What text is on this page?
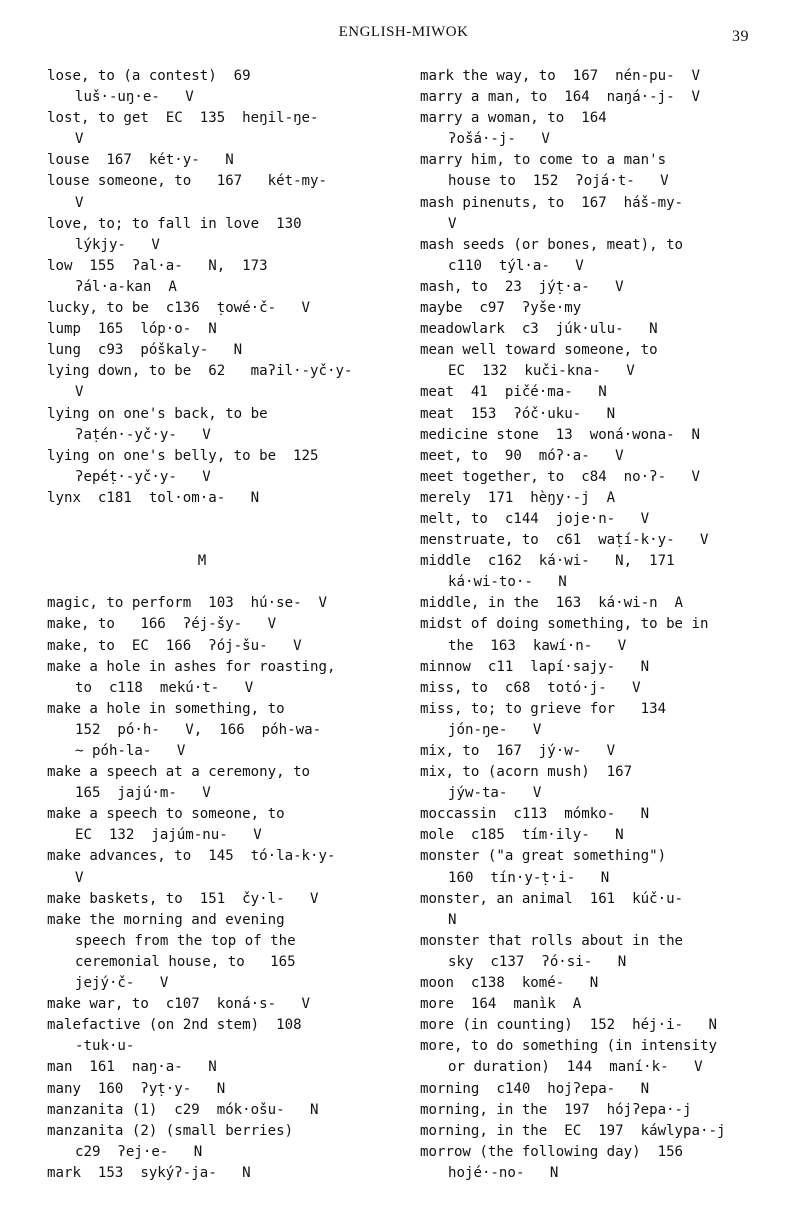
ENGLISH-MIWOK	39
lose, to (a contest)  69
luš·-uŋ·e-   V
lost, to get  EC  135  heŋil-ŋe-
V
louse  167  két·y-   N
louse someone, to   167   két-my-
V
love, to; to fall in love  130
lýkjy-   V
low  155  ʔal·a-   N,  173
ʔál·a-kan  A
lucky, to be  c136  ṭowé·č-   V
lump  165  lóp·o-  N
lung  c93  póškaly-   N
lying down, to be  62   maʔil·-yč·y-
V
lying on one's back, to be
ʔaṭén·-yč·y-   V
lying on one's belly, to be  125
ʔepéṭ·-yč·y-   V
lynx  c181  tol·om·a-   N
M
magic, to perform  103  hú·se-  V
make, to   166  ʔéj-šy-   V
make, to  EC  166  ʔój-šu-   V
make a hole in ashes for roasting,
to  c118  mekú·t-   V
make a hole in something, to
152  pó·h-   V,  166  póh-wa-
~ póh-la-   V
make a speech at a ceremony, to
165  jajú·m-   V
make a speech to someone, to
EC  132  jajúm-nu-   V
make advances, to  145  tó·la-k·y-
V
make baskets, to  151  čy·l-   V
make the morning and evening
speech from the top of the
ceremonial house, to   165
jejý·č-   V
make war, to  c107  koná·s-   V
malefactive (on 2nd stem)  108
-tuk·u-
man  161  naŋ·a-   N
many  160  ʔyṭ·y-   N
manzanita (1)  c29  mók·ošu-   N
manzanita (2) (small berries)
c29  ʔej·e-   N
mark  153  sykýʔ-ja-   N
mark the way, to  167  nén-pu-  V
marry a man, to  164  naŋá·-j-  V
marry a woman, to  164
ʔošá·-j-   V
marry him, to come to a man's
house to  152  ʔojá·t-   V
mash pinenuts, to  167  háš-my-
V
mash seeds (or bones, meat), to
c110  týl·a-   V
mash, to  23  jýṭ·a-   V
maybe  c97  ʔyše·my
meadowlark  c3  júk·ulu-   N
mean well toward someone, to
EC  132  kuči-kna-   V
meat  41  pičé·ma-   N
meat  153  ʔóč·uku-   N
medicine stone  13  woná·wona-  N
meet, to  90  móʔ·a-   V
meet together, to  c84  no·ʔ-   V
merely  171  hèŋy·-j  A
melt, to  c144  joje·n-   V
menstruate, to  c61  waṭí-k·y-   V
middle  c162  ká·wi-   N,  171
ká·wi-to·-   N
middle, in the  163  ká·wi-n  A
midst of doing something, to be in
the  163  kawí·n-   V
minnow  c11  lapí·sajy-   N
miss, to  c68  totó·j-   V
miss, to; to grieve for   134
jón-ŋe-   V
mix, to  167  jý·w-   V
mix, to (acorn mush)  167
jýw-ta-   V
moccassin  c113  mómko-   N
mole  c185  tím·ily-   N
monster ("a great something")
160  tín·y-ṭ·i-   N
monster, an animal  161  kúč·u-
N
monster that rolls about in the
sky  c137  ʔó·si-   N
moon  c138  komé-   N
more  164  manìk  A
more (in counting)  152  héj·i-   N
more, to do something (in intensity
or duration)  144  maní·k-   V
morning  c140  hojʔepa-   N
morning, in the  197  hójʔepa·-j
morning, in the  EC  197  káwlypa·-j
morrow (the following day)  156
hojé·-no-   N
